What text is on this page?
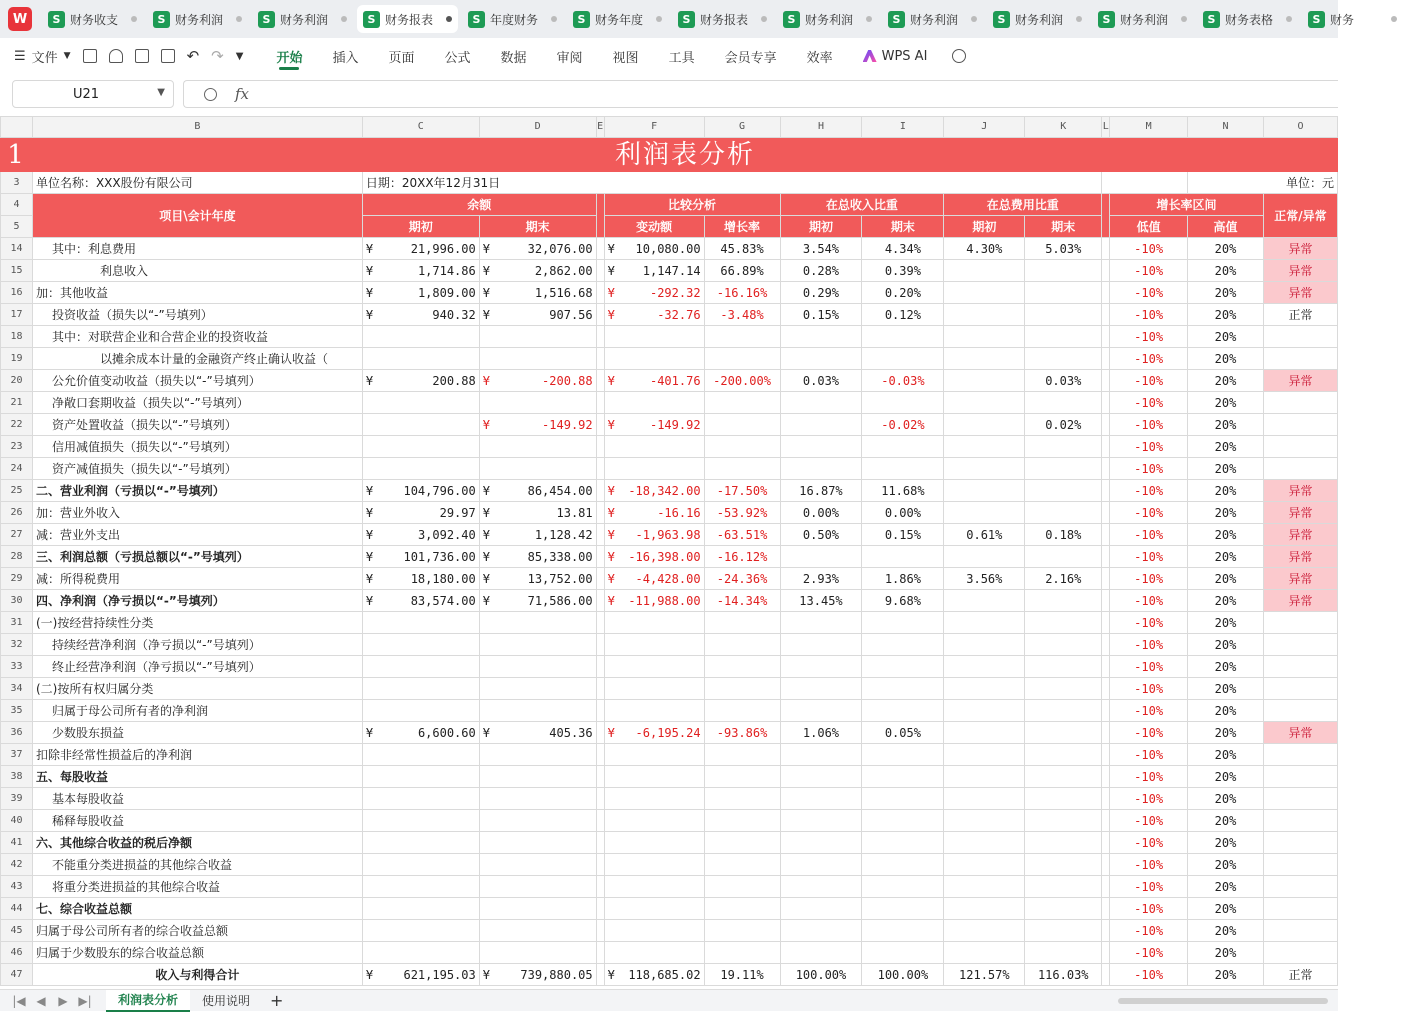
W	S 财务收支	S 财务利润	S 财务利润	S 财务报表	S 年度财务	S 财务年度	S 财务报表	S 财务利润	S 财务利润	S 财务利润	S 财务利润	S 财务表格	S 财务
☰ 文件 ▼	↶ ↷ ▼	开始	插入	页面	公式	数据	审阅	视图	工具	会员专享	效率	WPS AI
U21	▼	fx
	B	C	D	E	F	G	H	I	J	K	L	M	N	O
1	利润表分析													
3	单位名称：XXX股份有限公司	日期：20XX年12月31日											单位：元	
4	项目\会计年度	余额			比较分析		在总收入比重		在总费用比重			增长率区间		正常/异常
5		期初	期末		变动额	增长率	期初	期末	期初	期末		低值	高值	
14	其中：利息费用	¥ 21,996.00	¥ 32,076.00		¥ 10,080.00	45.83%	3.54%	4.34%	4.30%	5.03%		-10%	20%	异常
15	利息收入	¥ 1,714.86	¥ 2,862.00		¥ 1,147.14	66.89%	0.28%	0.39%				-10%	20%	异常
16	加：其他收益	¥ 1,809.00	¥ 1,516.68		¥ -292.32	-16.16%	0.29%	0.20%				-10%	20%	异常
17	投资收益（损失以“-”号填列）	¥ 940.32	¥ 907.56		¥ -32.76	-3.48%	0.15%	0.12%				-10%	20%	正常
18	其中：对联营企业和合营企业的投资收益											-10%	20%	
19	以摊余成本计量的金融资产终止确认收益（											-10%	20%	
20	公允价值变动收益（损失以“-”号填列）	¥ 200.88	¥ -200.88		¥ -401.76	-200.00%	0.03%	-0.03%		0.03%		-10%	20%	异常
21	净敞口套期收益（损失以“-”号填列）											-10%	20%	
22	资产处置收益（损失以“-”号填列）		¥ -149.92		¥ -149.92			-0.02%		0.02%		-10%	20%	
23	信用减值损失（损失以“-”号填列）											-10%	20%	
24	资产减值损失（损失以“-”号填列）											-10%	20%	
25	二、营业利润（亏损以“-”号填列）	¥ 104,796.00	¥ 86,454.00		¥ -18,342.00	-17.50%	16.87%	11.68%				-10%	20%	异常
26	加：营业外收入	¥ 29.97	¥ 13.81		¥ -16.16	-53.92%	0.00%	0.00%				-10%	20%	异常
27	减：营业外支出	¥ 3,092.40	¥ 1,128.42		¥ -1,963.98	-63.51%	0.50%	0.15%	0.61%	0.18%		-10%	20%	异常
28	三、利润总额（亏损总额以“-”号填列）	¥ 101,736.00	¥ 85,338.00		¥ -16,398.00	-16.12%						-10%	20%	异常
29	减：所得税费用	¥ 18,180.00	¥ 13,752.00		¥ -4,428.00	-24.36%	2.93%	1.86%	3.56%	2.16%		-10%	20%	异常
30	四、净利润（净亏损以“-”号填列）	¥ 83,574.00	¥ 71,586.00		¥ -11,988.00	-14.34%	13.45%	9.68%				-10%	20%	异常
31	(一)按经营持续性分类											-10%	20%	
32	持续经营净利润（净亏损以“-”号填列）											-10%	20%	
33	终止经营净利润（净亏损以“-”号填列）											-10%	20%	
34	(二)按所有权归属分类											-10%	20%	
35	归属于母公司所有者的净利润											-10%	20%	
36	少数股东损益	¥ 6,600.60	¥ 405.36		¥ -6,195.24	-93.86%	1.06%	0.05%				-10%	20%	异常
37	扣除非经常性损益后的净利润											-10%	20%	
38	五、每股收益											-10%	20%	
39	基本每股收益											-10%	20%	
40	稀释每股收益											-10%	20%	
41	六、其他综合收益的税后净额											-10%	20%	
42	不能重分类进损益的其他综合收益											-10%	20%	
43	将重分类进损益的其他综合收益											-10%	20%	
44	七、综合收益总额											-10%	20%	
45	归属于母公司所有者的综合收益总额											-10%	20%	
46	归属于少数股东的综合收益总额											-10%	20%	
47	收入与利得合计	¥ 621,195.03	¥ 739,880.05		¥ 118,685.02	19.11%	100.00%	100.00%	121.57%	116.03%		-10%	20%	正常
|◀ ◀	▶ ▶|	利润表分析	使用说明	+
